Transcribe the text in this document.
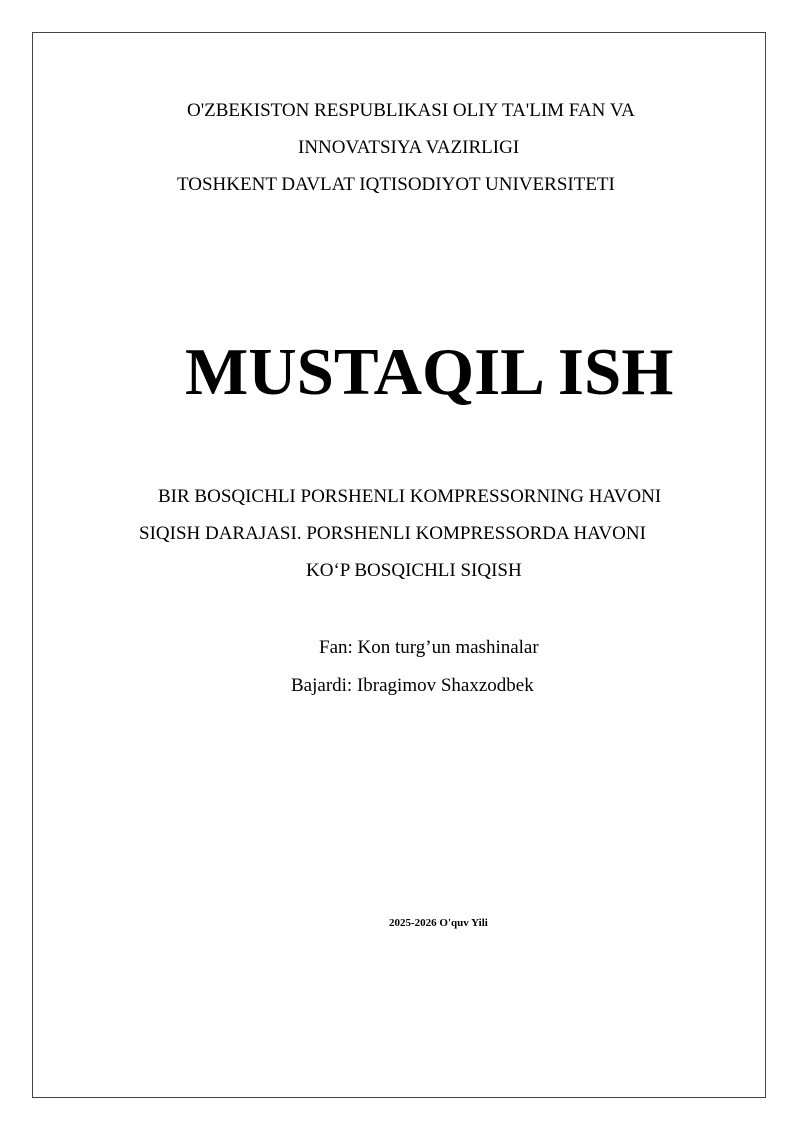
O'ZBEKISTON RESPUBLIKASI OLIY TA'LIM FAN VA
INNOVATSIYA VAZIRLIGI
TOSHKENT DAVLAT IQTISODIYOT UNIVERSITETI
MUSTAQIL ISH
BIR BOSQICHLI PORSHENLI KOMPRESSORNING HAVONI
SIQISH DARAJASI. PORSHENLI KOMPRESSORDA HAVONI
KO‘P BOSQICHLI SIQISH
Fan: Kon turg’un mashinalar
Bajardi: Ibragimov Shaxzodbek
2025-2026 O'quv Yili
